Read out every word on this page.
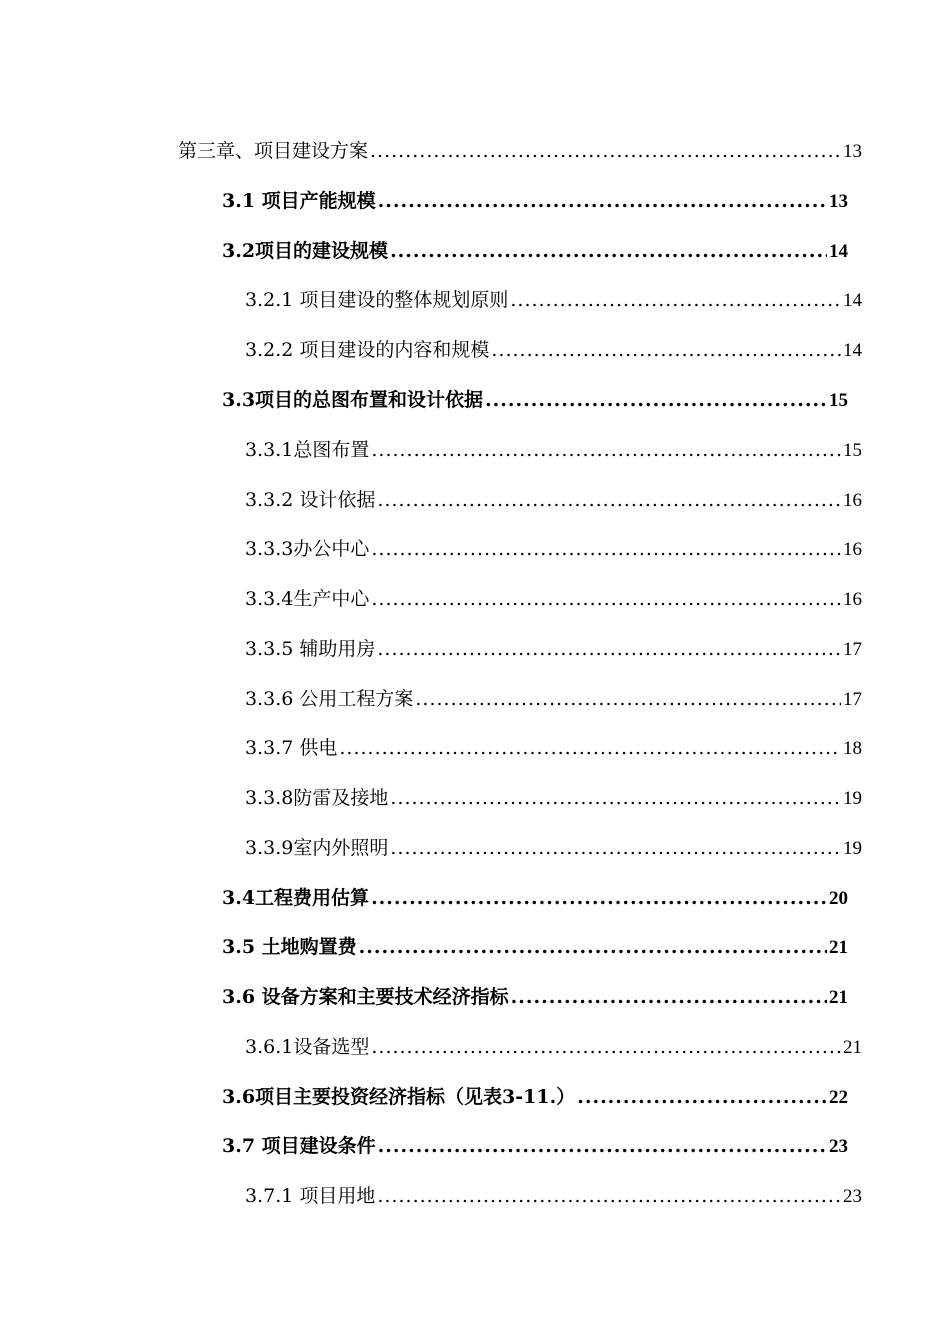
第三章、项目建设方案 .....	13
3.1 项目产能规模 .....	13
3.2项目的建设规模 .....	14
3.2.1 项目建设的整体规划原则 .....	14
3.2.2 项目建设的内容和规模 .....	14
3.3项目的总图布置和设计依据 .....	15
3.3.1总图布置 .....	15
3.3.2 设计依据 .....	16
3.3.3办公中心 .....	16
3.3.4生产中心 .....	16
3.3.5 辅助用房 .....	17
3.3.6 公用工程方案 .....	17
3.3.7 供电 .....	18
3.3.8防雷及接地 .....	19
3.3.9室内外照明 .....	19
3.4工程费用估算 .....	20
3.5 土地购置费 .....	21
3.6 设备方案和主要技术经济指标 .....	21
3.6.1设备选型 .....	21
3.6项目主要投资经济指标（见表3-11.） .....	22
3.7 项目建设条件 .....	23
3.7.1 项目用地 .....	23
